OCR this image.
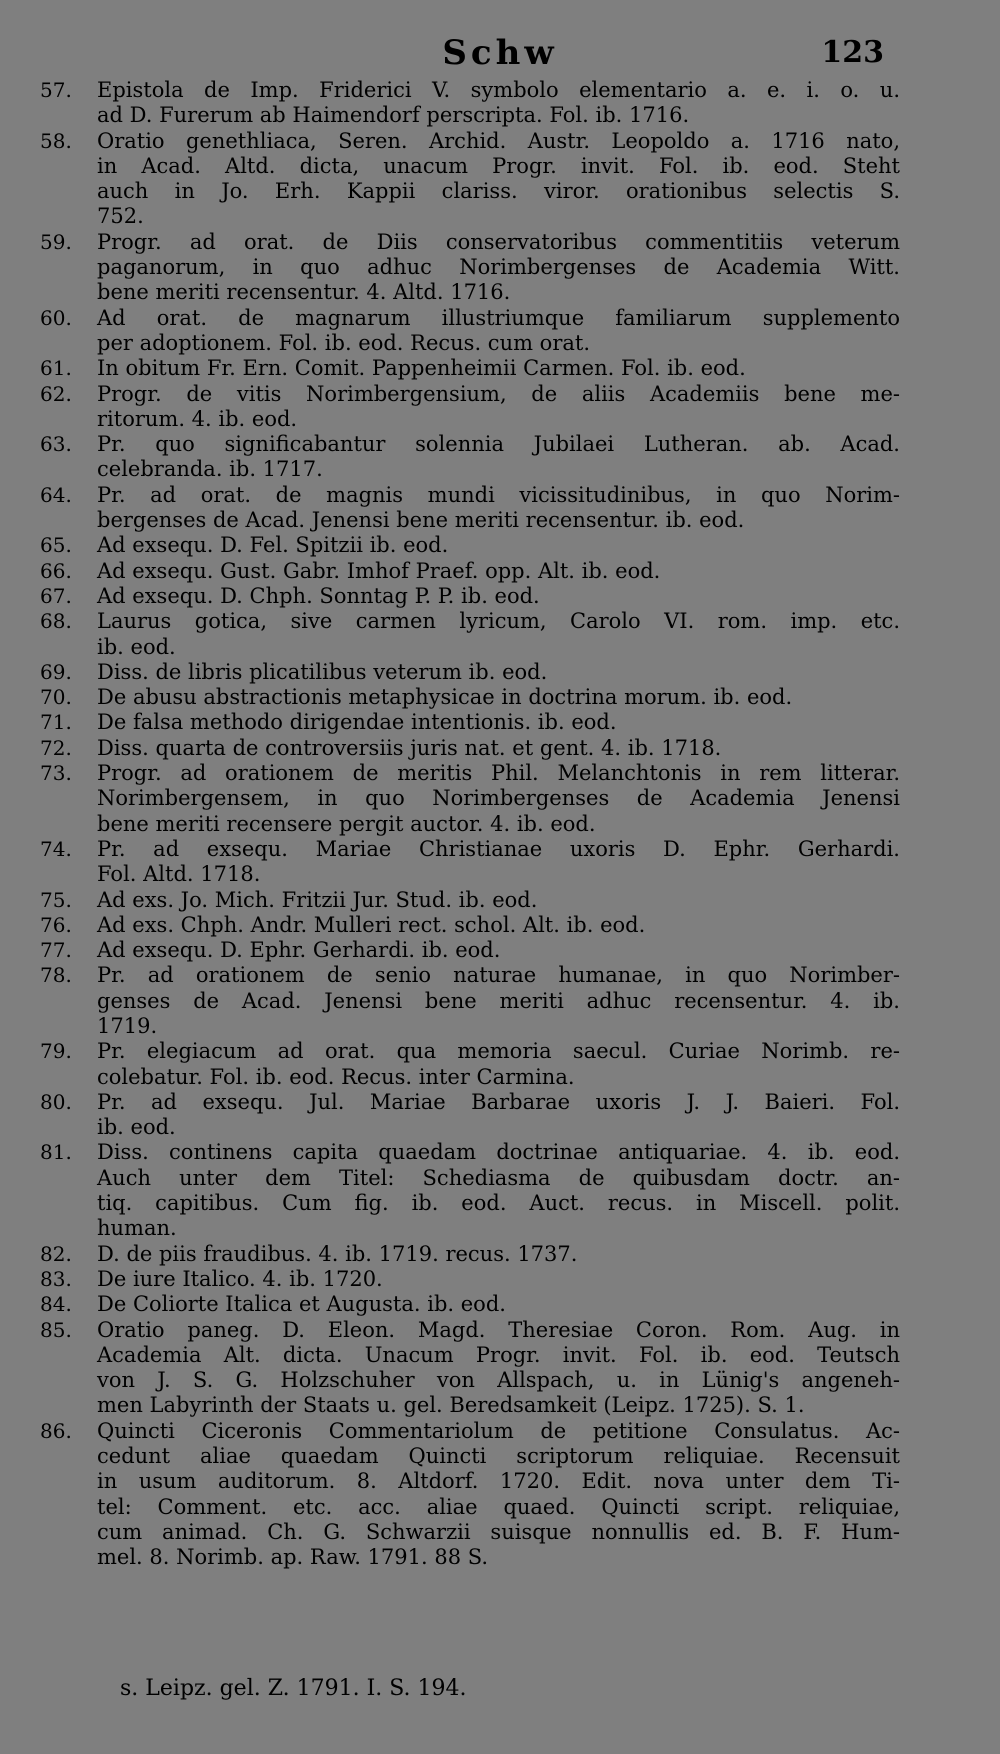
Schw	123
57. Epistola de Imp. Friderici V. symbolo elementario a. e. i. o. u.
ad D. Furerum ab Haimendorf perscripta. Fol. ib. 1716.
58. Oratio genethliaca, Seren. Archid. Austr. Leopoldo a. 1716 nato,
in Acad. Altd. dicta, unacum Progr. invit. Fol. ib. eod. Steht
auch in Jo. Erh. Kappii clariss. viror. orationibus selectis S.
752.
59. Progr. ad orat. de Diis conservatoribus commentitiis veterum
paganorum, in quo adhuc Norimbergenses de Academia Witt.
bene meriti recensentur. 4. Altd. 1716.
60. Ad orat. de magnarum illustriumque familiarum supplemento
per adoptionem. Fol. ib. eod. Recus. cum orat.
61. In obitum Fr. Ern. Comit. Pappenheimii Carmen. Fol. ib. eod.
62. Progr. de vitis Norimbergensium, de aliis Academiis bene me-
ritorum. 4. ib. eod.
63. Pr. quo significabantur solennia Jubilaei Lutheran. ab. Acad.
celebranda. ib. 1717.
64. Pr. ad orat. de magnis mundi vicissitudinibus, in quo Norim-
bergenses de Acad. Jenensi bene meriti recensentur. ib. eod.
65. Ad exsequ. D. Fel. Spitzii ib. eod.
66. Ad exsequ. Gust. Gabr. Imhof Praef. opp. Alt. ib. eod.
67. Ad exsequ. D. Chph. Sonntag P. P. ib. eod.
68. Laurus gotica, sive carmen lyricum, Carolo VI. rom. imp. etc.
ib. eod.
69. Diss. de libris plicatilibus veterum ib. eod.
70. De abusu abstractionis metaphysicae in doctrina morum. ib. eod.
71. De falsa methodo dirigendae intentionis. ib. eod.
72. Diss. quarta de controversiis juris nat. et gent. 4. ib. 1718.
73. Progr. ad orationem de meritis Phil. Melanchtonis in rem litterar.
Norimbergensem, in quo Norimbergenses de Academia Jenensi
bene meriti recensere pergit auctor. 4. ib. eod.
74. Pr. ad exsequ. Mariae Christianae uxoris D. Ephr. Gerhardi.
Fol. Altd. 1718.
75. Ad exs. Jo. Mich. Fritzii Jur. Stud. ib. eod.
76. Ad exs. Chph. Andr. Mulleri rect. schol. Alt. ib. eod.
77. Ad exsequ. D. Ephr. Gerhardi. ib. eod.
78. Pr. ad orationem de senio naturae humanae, in quo Norimber-
genses de Acad. Jenensi bene meriti adhuc recensentur. 4. ib.
1719.
79. Pr. elegiacum ad orat. qua memoria saecul. Curiae Norimb. re-
colebatur. Fol. ib. eod. Recus. inter Carmina.
80. Pr. ad exsequ. Jul. Mariae Barbarae uxoris J. J. Baieri. Fol.
ib. eod.
81. Diss. continens capita quaedam doctrinae antiquariae. 4. ib. eod.
Auch unter dem Titel: Schediasma de quibusdam doctr. an-
tiq. capitibus. Cum fig. ib. eod. Auct. recus. in Miscell. polit.
human.
82. D. de piis fraudibus. 4. ib. 1719. recus. 1737.
83. De iure Italico. 4. ib. 1720.
84. De Coliorte Italica et Augusta. ib. eod.
85. Oratio paneg. D. Eleon. Magd. Theresiae Coron. Rom. Aug. in
Academia Alt. dicta. Unacum Progr. invit. Fol. ib. eod. Teutsch
von J. S. G. Holzschuher von Allspach, u. in Lünig's angeneh-
men Labyrinth der Staats u. gel. Beredsamkeit (Leipz. 1725). S. 1.
86. Quincti Ciceronis Commentariolum de petitione Consulatus. Ac-
cedunt aliae quaedam Quincti scriptorum reliquiae. Recensuit
in usum auditorum. 8. Altdorf. 1720. Edit. nova unter dem Ti-
tel: Comment. etc. acc. aliae quaed. Quincti script. reliquiae,
cum animad. Ch. G. Schwarzii suisque nonnullis ed. B. F. Hum-
mel. 8. Norimb. ap. Raw. 1791. 88 S.
s. Leipz. gel. Z. 1791. I. S. 194.
